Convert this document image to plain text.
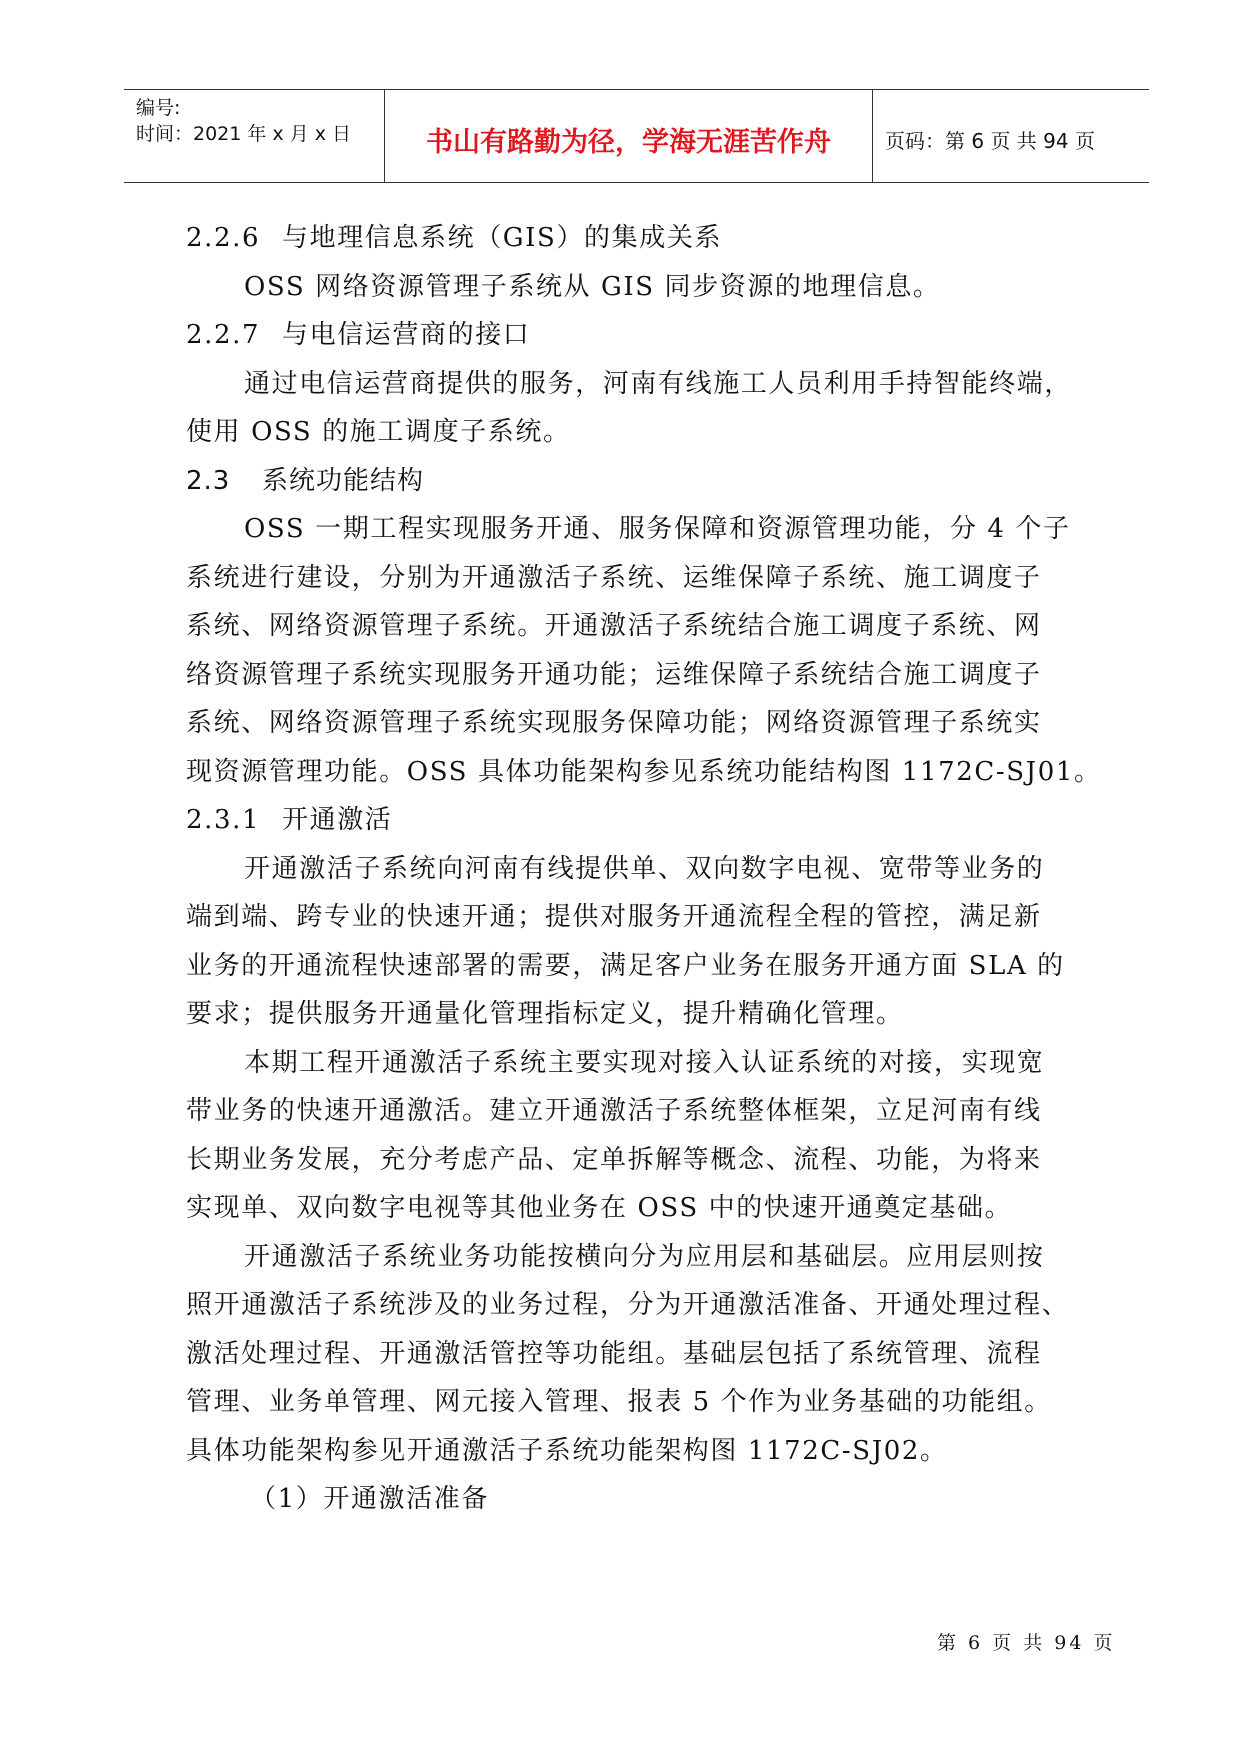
编号:
时间：2021 年 x 月 x 日	书山有路勤为径，学海无涯苦作舟	页码：第 6 页 共 94 页
2.2.6 与地理信息系统（GIS）的集成关系
OSS 网络资源管理子系统从 GIS 同步资源的地理信息。
2.2.7 与电信运营商的接口
通过电信运营商提供的服务，河南有线施工人员利用手持智能终端，
使用 OSS 的施工调度子系统。
2.3 系统功能结构
OSS 一期工程实现服务开通、服务保障和资源管理功能，分 4 个子
系统进行建设，分别为开通激活子系统、运维保障子系统、施工调度子
系统、网络资源管理子系统。开通激活子系统结合施工调度子系统、网
络资源管理子系统实现服务开通功能；运维保障子系统结合施工调度子
系统、网络资源管理子系统实现服务保障功能；网络资源管理子系统实
现资源管理功能。OSS 具体功能架构参见系统功能结构图 1172C-SJ01。
2.3.1 开通激活
开通激活子系统向河南有线提供单、双向数字电视、宽带等业务的
端到端、跨专业的快速开通；提供对服务开通流程全程的管控，满足新
业务的开通流程快速部署的需要，满足客户业务在服务开通方面 SLA 的
要求；提供服务开通量化管理指标定义，提升精确化管理。
本期工程开通激活子系统主要实现对接入认证系统的对接，实现宽
带业务的快速开通激活。建立开通激活子系统整体框架，立足河南有线
长期业务发展，充分考虑产品、定单拆解等概念、流程、功能，为将来
实现单、双向数字电视等其他业务在 OSS 中的快速开通奠定基础。
开通激活子系统业务功能按横向分为应用层和基础层。应用层则按
照开通激活子系统涉及的业务过程，分为开通激活准备、开通处理过程、
激活处理过程、开通激活管控等功能组。基础层包括了系统管理、流程
管理、业务单管理、网元接入管理、报表 5 个作为业务基础的功能组。
具体功能架构参见开通激活子系统功能架构图 1172C-SJ02。
（1）开通激活准备
第 6 页 共 94 页
